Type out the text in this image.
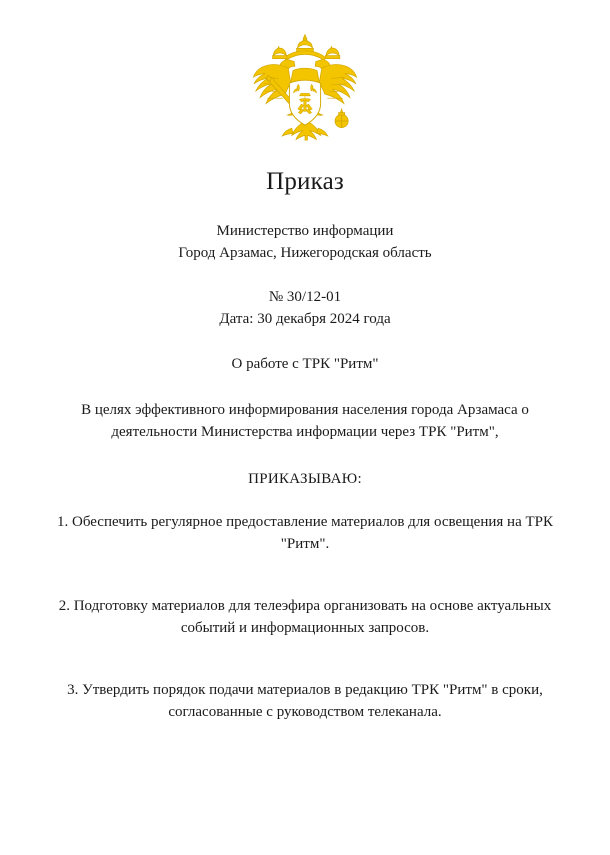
Приказ
Министерство информации
Город Арзамас, Нижегородская область
№ 30/12-01
Дата: 30 декабря 2024 года
О работе с ТРК "Ритм"
В целях эффективного информирования населения города Арзамаса о деятельности Министерства информации через ТРК "Ритм",
ПРИКАЗЫВАЮ:
1. Обеспечить регулярное предоставление материалов для освещения на ТРК "Ритм".
2. Подготовку материалов для телеэфира организовать на основе актуальных событий и информационных запросов.
3. Утвердить порядок подачи материалов в редакцию ТРК "Ритм" в сроки, согласованные с руководством телеканала.
